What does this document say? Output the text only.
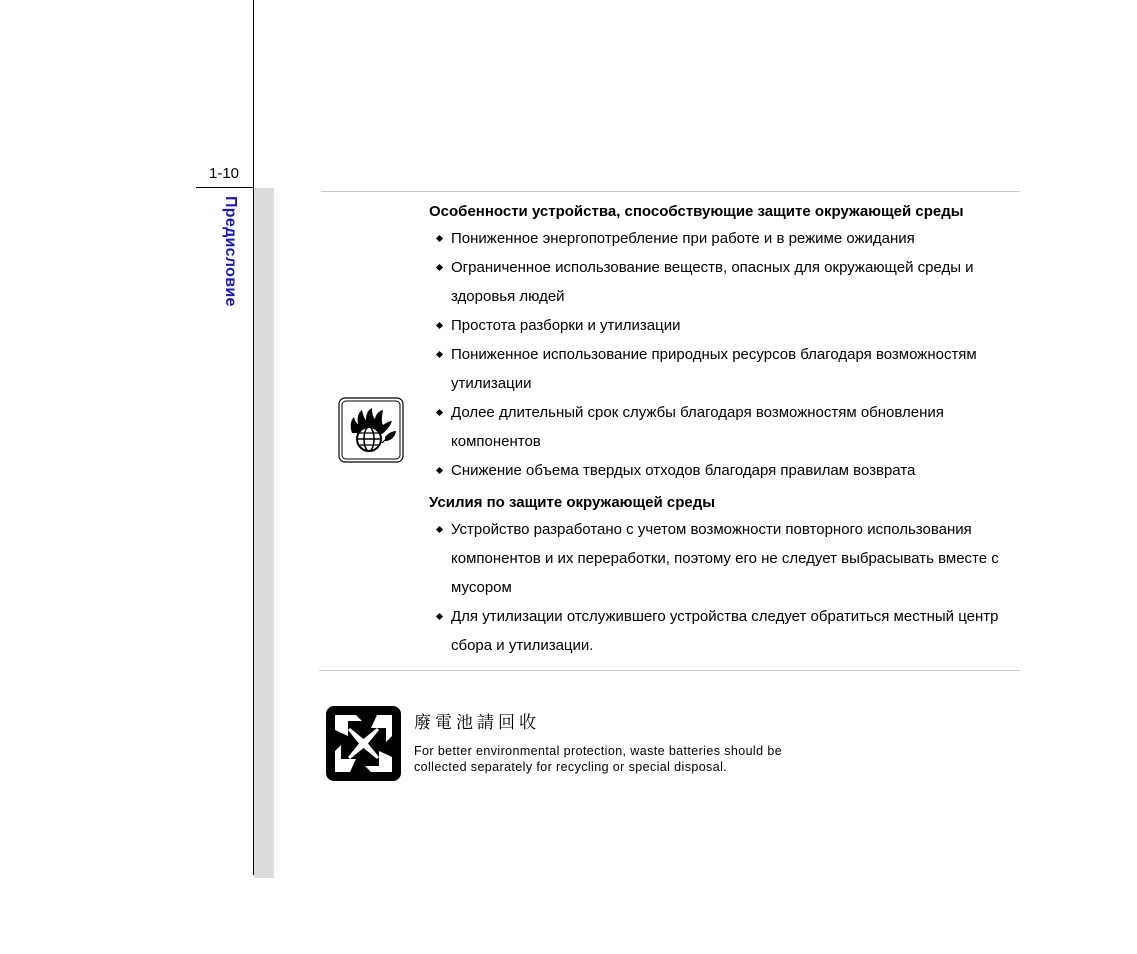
1-10
Предисловие	Особенности устройства, способствующие защите окружающей среды
Пониженное энергопотребление при работе и в режиме ожидания
Ограниченное использование веществ, опасных для окружающей среды и здоровья людей
Простота разборки и утилизации
Пониженное использование природных ресурсов благодаря возможностям утилизации
Долее длительный срок службы благодаря возможностям обновления компонентов
Снижение объема твердых отходов благодаря правилам возврата
Усилия по защите окружающей среды
Устройство разработано с учетом возможности повторного использования компонентов и их переработки, поэтому его не следует выбрасывать вместе с мусором
Для утилизации отслужившего устройства следует обратиться местный центр сбора и утилизации.
廢電池請回收
For better environmental protection, waste batteries should be collected separately for recycling or special disposal.
